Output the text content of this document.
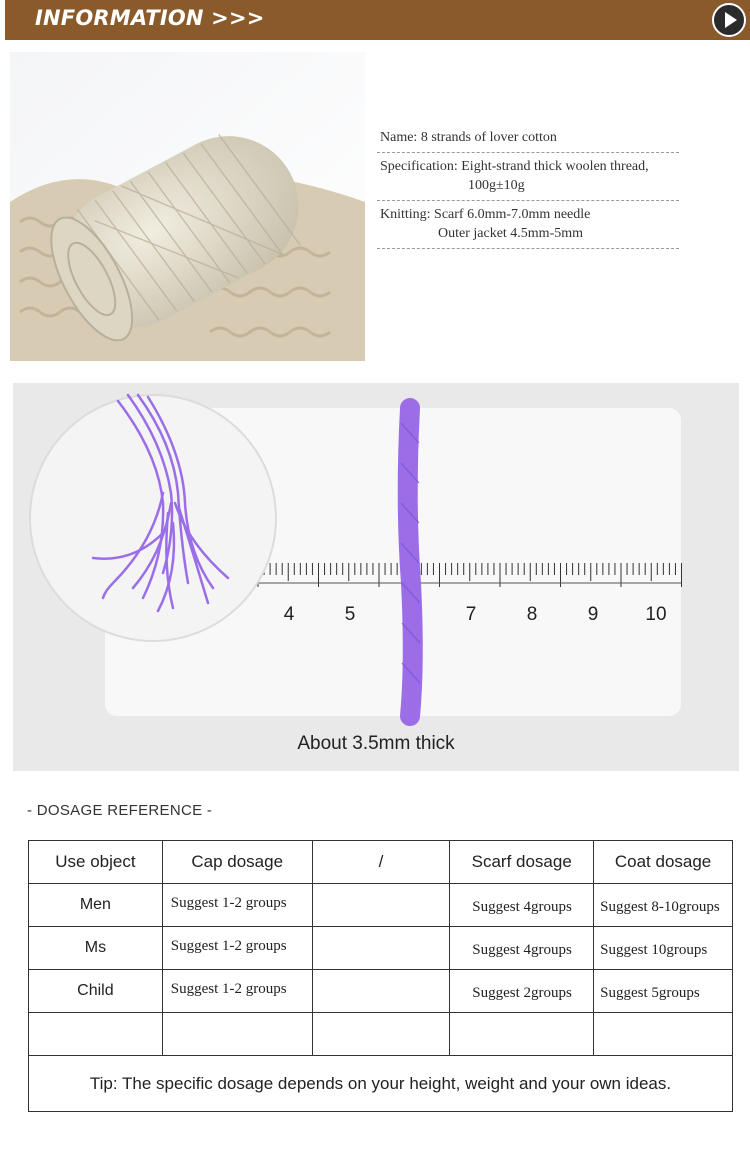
INFORMATION >>>
Name: 8 strands of lover cotton
Specification: Eight-strand thick woolen thread,
100g±10g
Knitting: Scarf 6.0mm-7.0mm needle
Outer jacket 4.5mm-5mm
4	5	7	8	9 10
About 3.5mm thick
- DOSAGE REFERENCE -
Use object	Cap dosage	/	Scarf dosage	Coat dosage
Men	Suggest 1-2 groups		Suggest 4groups	Suggest 8-10groups
Ms	Suggest 1-2 groups		Suggest 4groups	Suggest 10groups
Child	Suggest 1-2 groups		Suggest 2groups	Suggest 5groups

Tip: The specific dosage depends on your height, weight and your own ideas.				
